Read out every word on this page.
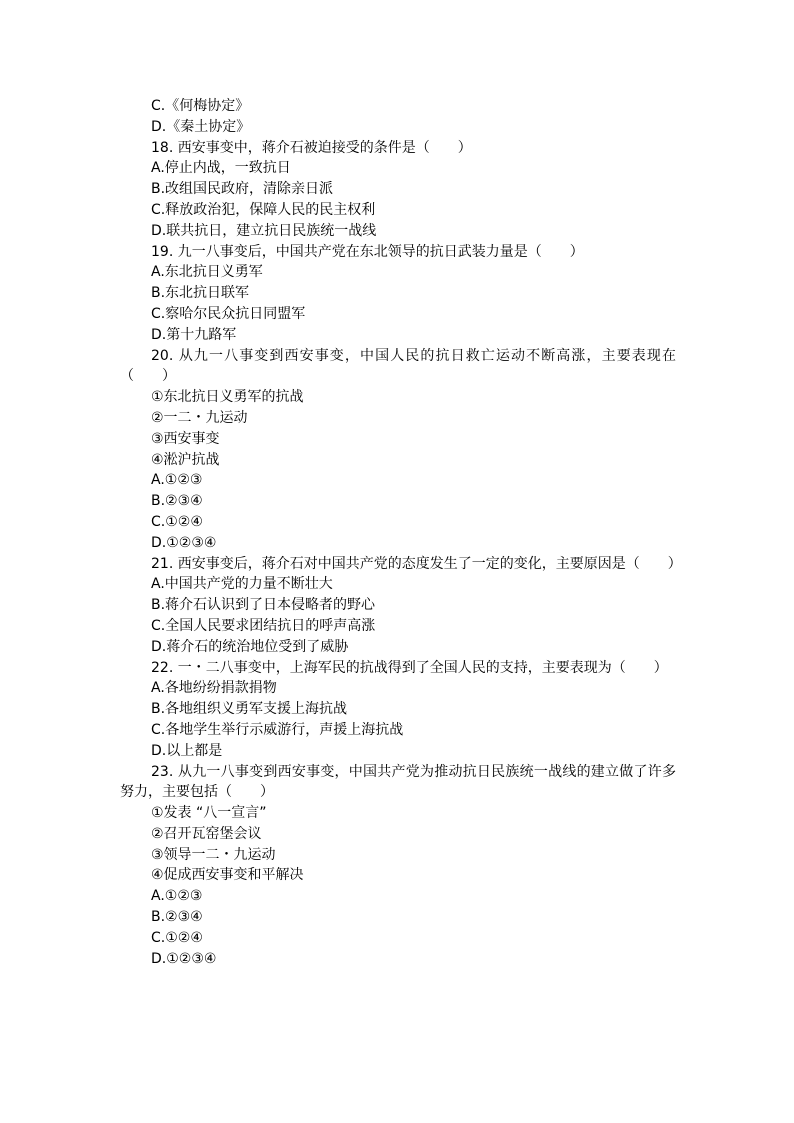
C.《何梅协定》
D.《秦土协定》
18. 西安事变中，蒋介石被迫接受的条件是（　　）
A.停止内战，一致抗日
B.改组国民政府，清除亲日派
C.释放政治犯，保障人民的民主权利
D.联共抗日，建立抗日民族统一战线
19. 九一八事变后，中国共产党在东北领导的抗日武装力量是（　　）
A.东北抗日义勇军
B.东北抗日联军
C.察哈尔民众抗日同盟军
D.第十九路军
20. 从九一八事变到西安事变，中国人民的抗日救亡运动不断高涨，主要表现在（　　）
①东北抗日义勇军的抗战
②一二・九运动
③西安事变
④淞沪抗战
A.①②③
B.②③④
C.①②④
D.①②③④
21. 西安事变后，蒋介石对中国共产党的态度发生了一定的变化，主要原因是（　　）
A.中国共产党的力量不断壮大
B.蒋介石认识到了日本侵略者的野心
C.全国人民要求团结抗日的呼声高涨
D.蒋介石的统治地位受到了威胁
22. 一・二八事变中，上海军民的抗战得到了全国人民的支持，主要表现为（　　）
A.各地纷纷捐款捐物
B.各地组织义勇军支援上海抗战
C.各地学生举行示威游行，声援上海抗战
D.以上都是
23. 从九一八事变到西安事变，中国共产党为推动抗日民族统一战线的建立做了许多努力，主要包括（　　）
①发表 “八一宣言”
②召开瓦窑堡会议
③领导一二・九运动
④促成西安事变和平解决
A.①②③
B.②③④
C.①②④
D.①②③④
